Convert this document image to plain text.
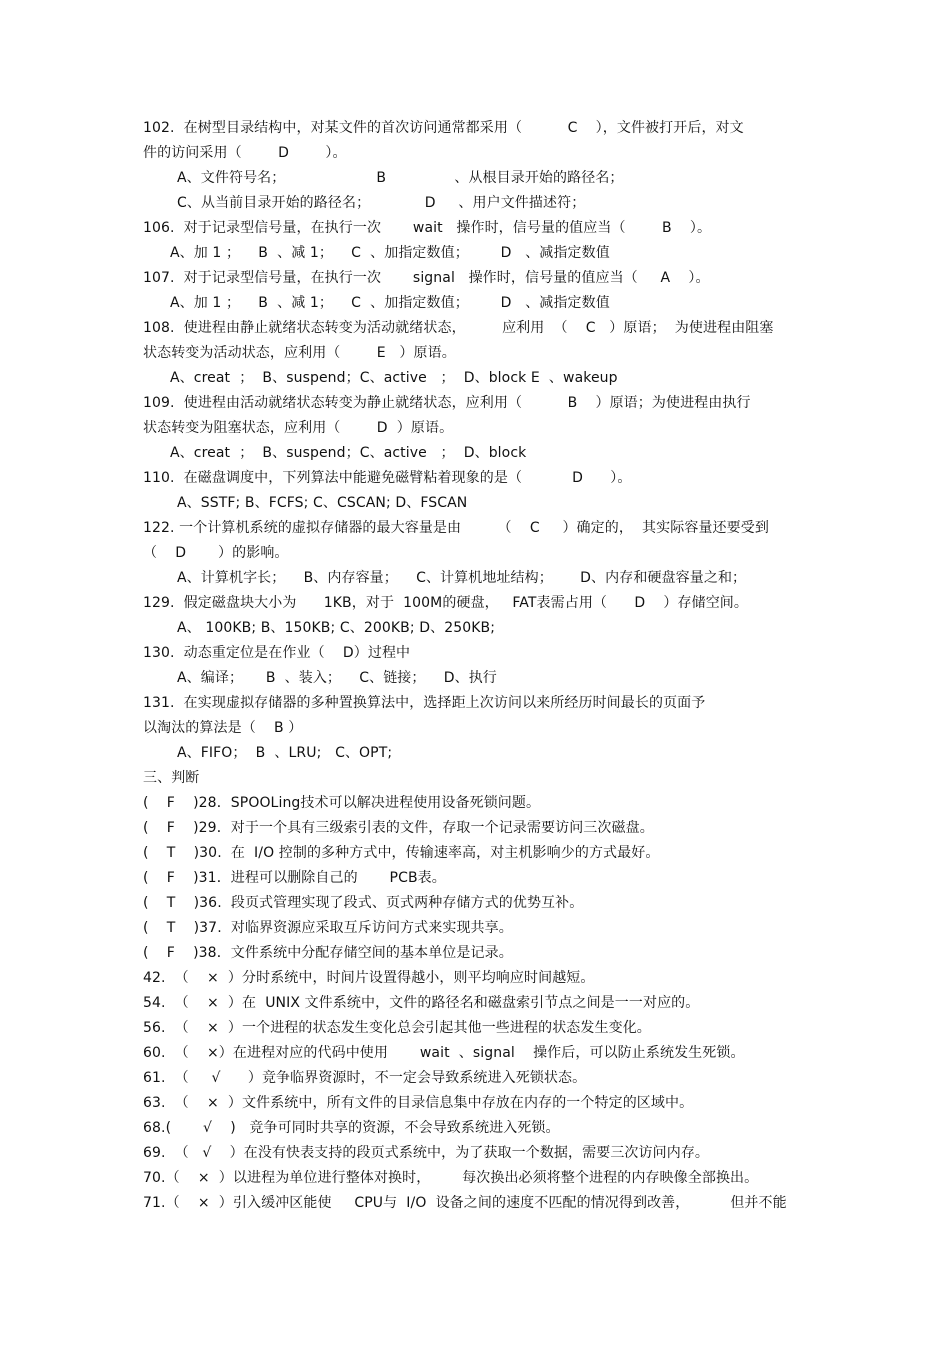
102.  在树型目录结构中，对某文件的首次访问通常都采用（          C    ），文件被打开后，对文
件的访问采用（        D        ）。
A、文件符号名；                    B               、从根目录开始的路径名；
C、从当前目录开始的路径名；            D     、用户文件描述符；
106.  对于记录型信号量，在执行一次       wait   操作时，信号量的值应当（        B    ）。
A、加 1 ；    B  、减 1；    C  、加指定数值；       D   、减指定数值
107.  对于记录型信号量，在执行一次       signal   操作时，信号量的值应当（     A    ）。
A、加 1 ；    B  、减 1；    C  、加指定数值；       D   、减指定数值
108.  使进程由静止就绪状态转变为活动就绪状态，        应利用  （    C   ）原语；  为使进程由阻塞
状态转变为活动状态，应利用（        E   ）原语。
A、creat  ；  B、suspend；C、active   ；  D、block E  、wakeup
109.  使进程由活动就绪状态转变为静止就绪状态，应利用（          B    ）原语；为使进程由执行
状态转变为阻塞状态，应利用（        D  ）原语。
A、creat  ；  B、suspend；C、active   ；  D、block
110.  在磁盘调度中，下列算法中能避免磁臂粘着现象的是（           D      ）。
A、SSTF; B、FCFS; C、CSCAN; D、FSCAN
122. 一个计算机系统的虚拟存储器的最大容量是由        （    C     ）确定的，  其实际容量还要受到
（    D       ）的影响。
A、计算机字长；    B、内存容量；    C、计算机地址结构；      D、内存和硬盘容量之和；
129.  假定磁盘块大小为      1KB，对于  100M的硬盘，   FAT表需占用（      D    ）存储空间。
A、 100KB; B、150KB; C、200KB; D、250KB;
130.  动态重定位是在作业（    D）过程中
A、编译；     B  、装入；    C、链接；    D、执行
131.  在实现虚拟存储器的多种置换算法中，选择距上次访问以来所经历时间最长的页面予
以淘汰的算法是（    B ）
A、FIFO；  B  、LRU;   C、OPT;
三、判断
(    F    )28．SPOOLing技术可以解决进程使用设备死锁问题。
(    F    )29．对于一个具有三级索引表的文件，存取一个记录需要访问三次磁盘。
(    T    )30.  在  I/O 控制的多种方式中，传输速率高，对主机影响少的方式最好。
(    F    )31．进程可以删除自己的       PCB表。
(    T    )36.  段页式管理实现了段式、页式两种存储方式的优势互补。
(    T    )37.  对临界资源应采取互斥访问方式来实现共享。
(    F    )38．文件系统中分配存储空间的基本单位是记录。
42.  （    ×  ）分时系统中，时间片设置得越小，则平均响应时间越短。
54.  （    ×  ）在  UNIX 文件系统中，文件的路径名和磁盘索引节点之间是一一对应的。
56.  （    ×  ）一个进程的状态发生变化总会引起其他一些进程的状态发生变化。
60.  （    ×）在进程对应的代码中使用       wait  、signal    操作后，可以防止系统发生死锁。
61.  （     √      ）竞争临界资源时，不一定会导致系统进入死锁状态。
63.  （    ×  ）文件系统中，所有文件的目录信息集中存放在内存的一个特定的区域中。
68.(       √    )   竞争可同时共享的资源，不会导致系统进入死锁。
69.  （   √    ）在没有快表支持的段页式系统中，为了获取一个数据，需要三次访问内存。
70.（    ×  ）以进程为单位进行整体对换时，       每次换出必须将整个进程的内存映像全部换出。
71.（    ×  ）引入缓冲区能使     CPU与  I/O  设备之间的速度不匹配的情况得到改善，         但并不能
